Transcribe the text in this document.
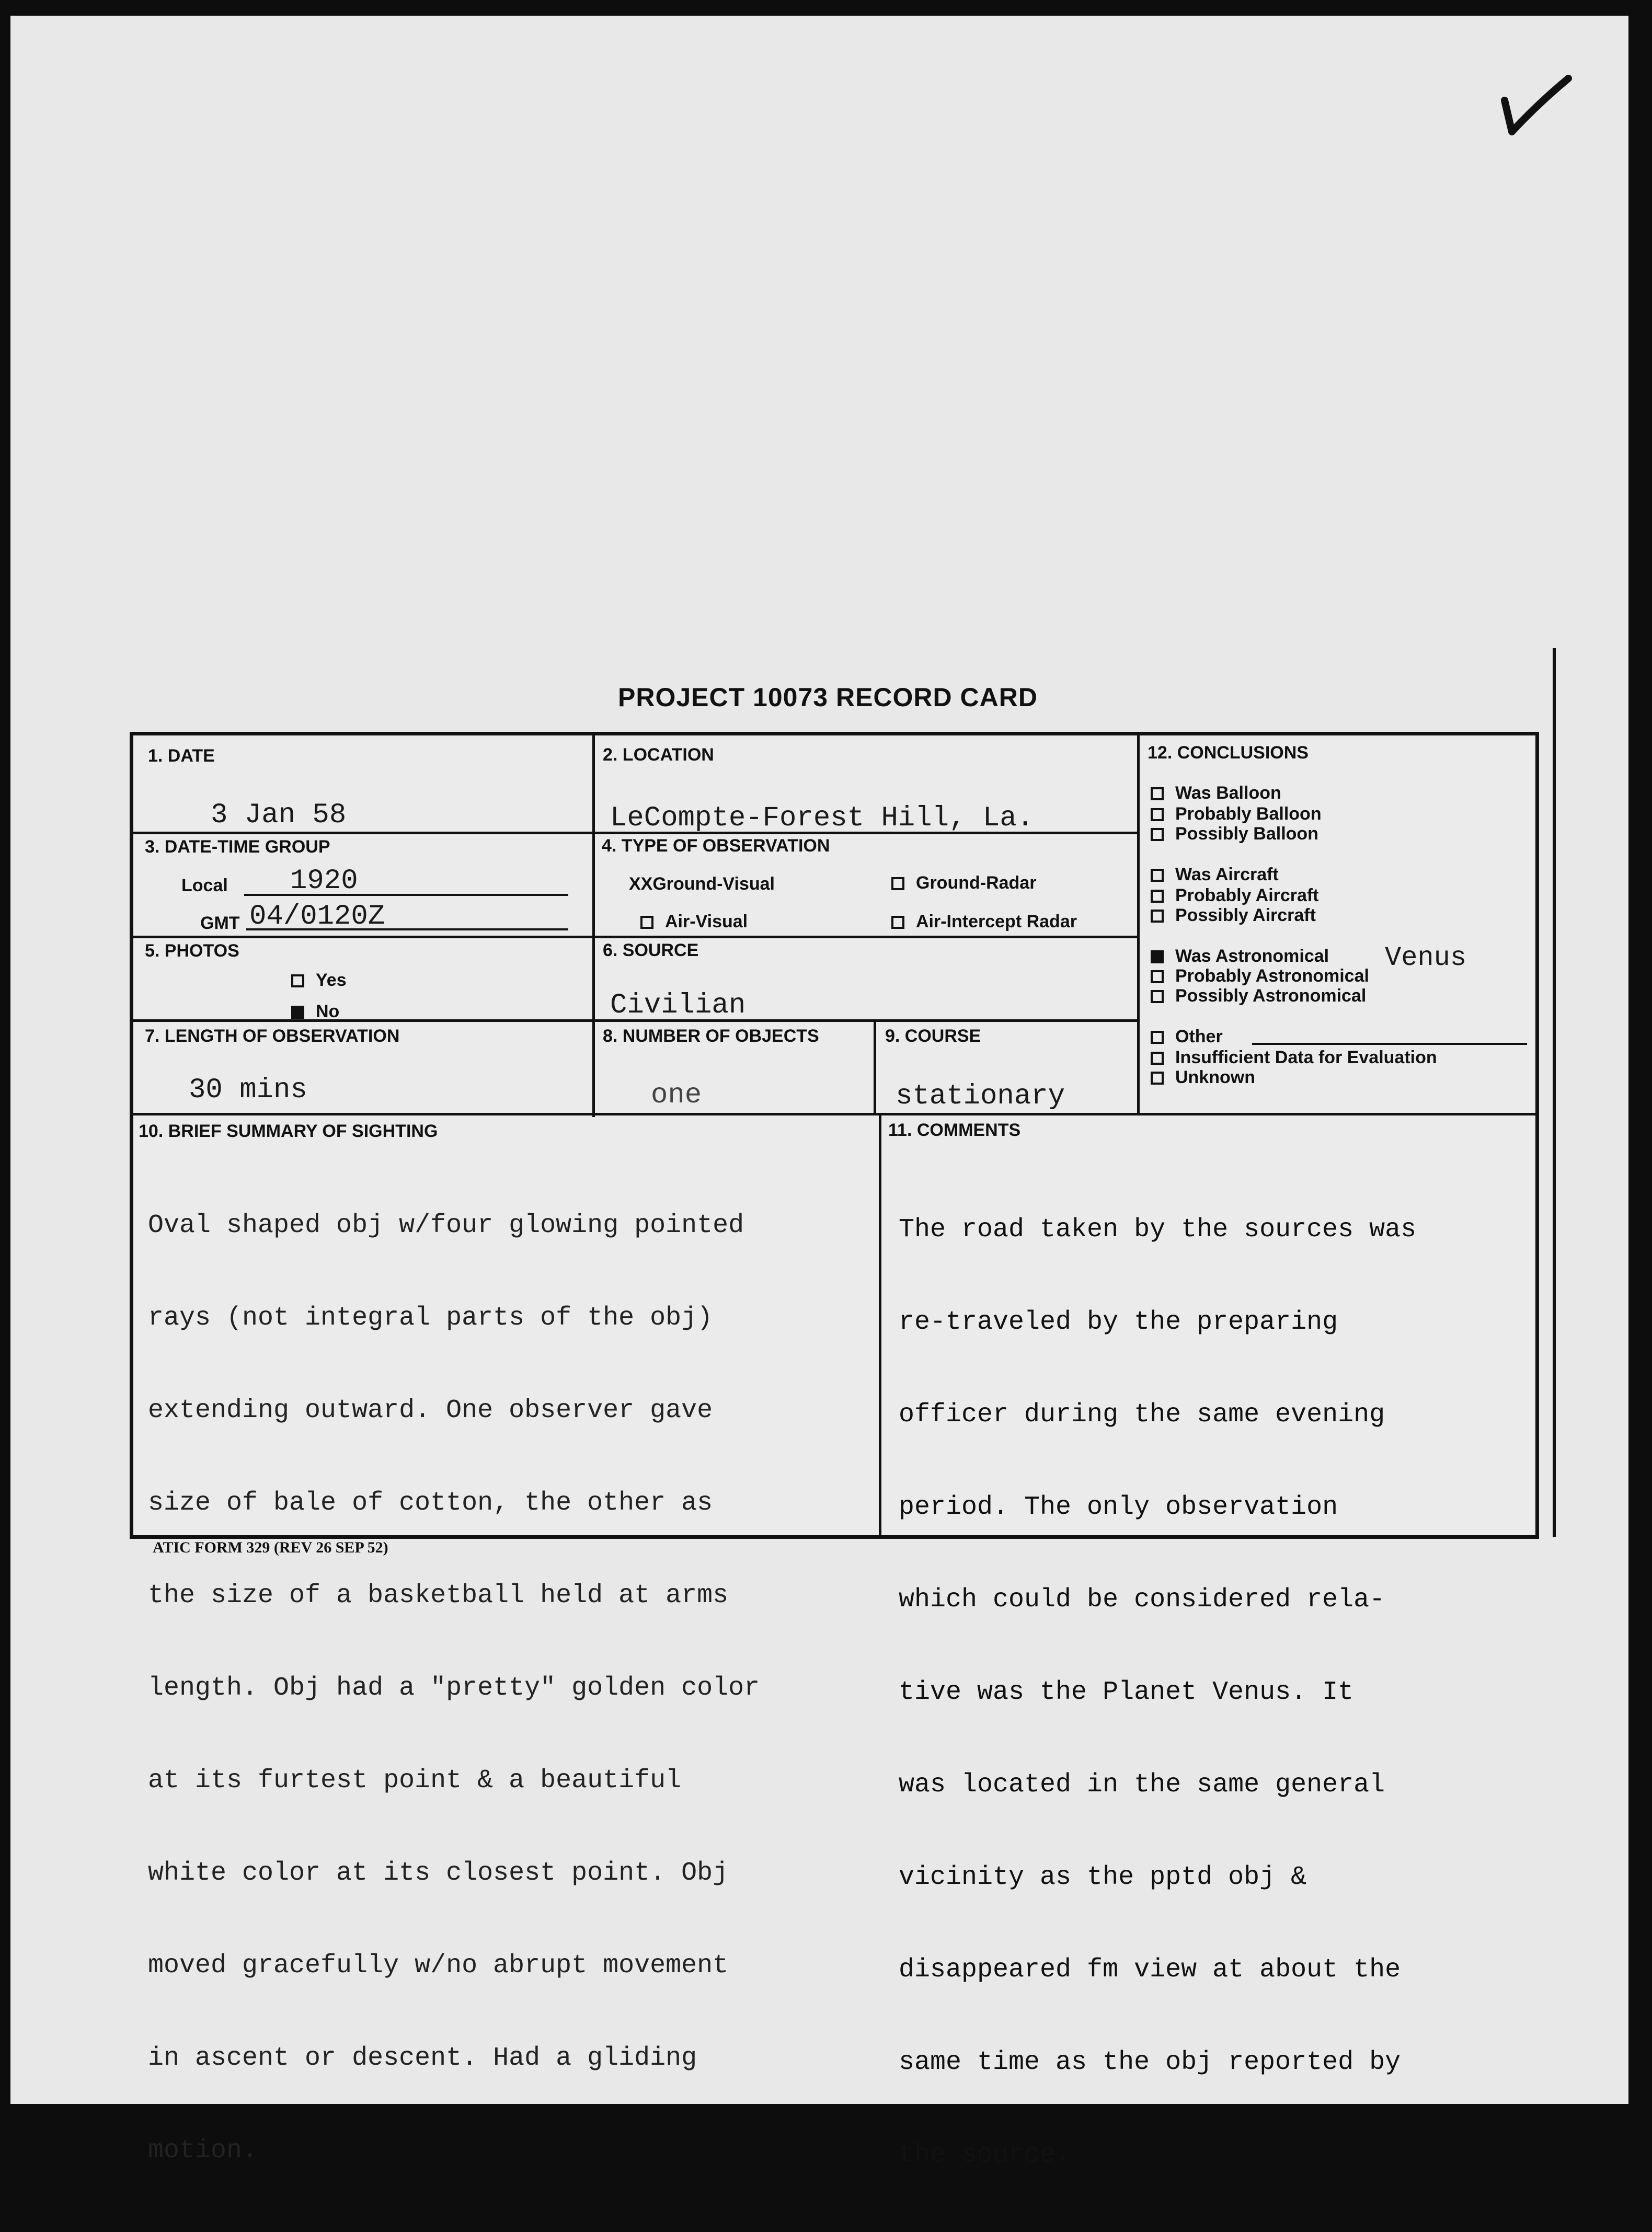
PROJECT 10073 RECORD CARD
1. DATE
3 Jan 58
2. LOCATION
LeCompte-Forest Hill, La.
3. DATE-TIME GROUP
Local 1920
GMT 04/0120Z
4. TYPE OF OBSERVATION
XXGround-Visual	Ground-Radar
Air-Visual	Air-Intercept Radar
5. PHOTOS
Yes
No
6. SOURCE
Civilian
7. LENGTH OF OBSERVATION
30 mins
8. NUMBER OF OBJECTS
one
9. COURSE
stationary
12. CONCLUSIONS
Was Balloon
Probably Balloon
Possibly Balloon
Was Aircraft
Probably Aircraft
Possibly Aircraft
Was Astronomical Venus
Probably Astronomical
Possibly Astronomical
Other
Insufficient Data for Evaluation
Unknown
10. BRIEF SUMMARY OF SIGHTING

Oval shaped obj w/four glowing pointed

rays (not integral parts of the obj)

extending outward. One observer gave

size of bale of cotton, the other as

the size of a basketball held at arms

length. Obj had a "pretty" golden color

at its furtest point & a beautiful

white color at its closest point. Obj

moved gracefully w/no abrupt movement

in ascent or descent. Had a gliding

motion.

11. COMMENTS

The road taken by the sources was

re-traveled by the preparing

officer during the same evening

period. The only observation

which could be considered rela-

tive was the Planet Venus. It

was located in the same general

vicinity as the pptd obj &

disappeared fm view at about the

same time as the obj reported by

the source.

ATIC FORM 329 (REV 26 SEP 52)
